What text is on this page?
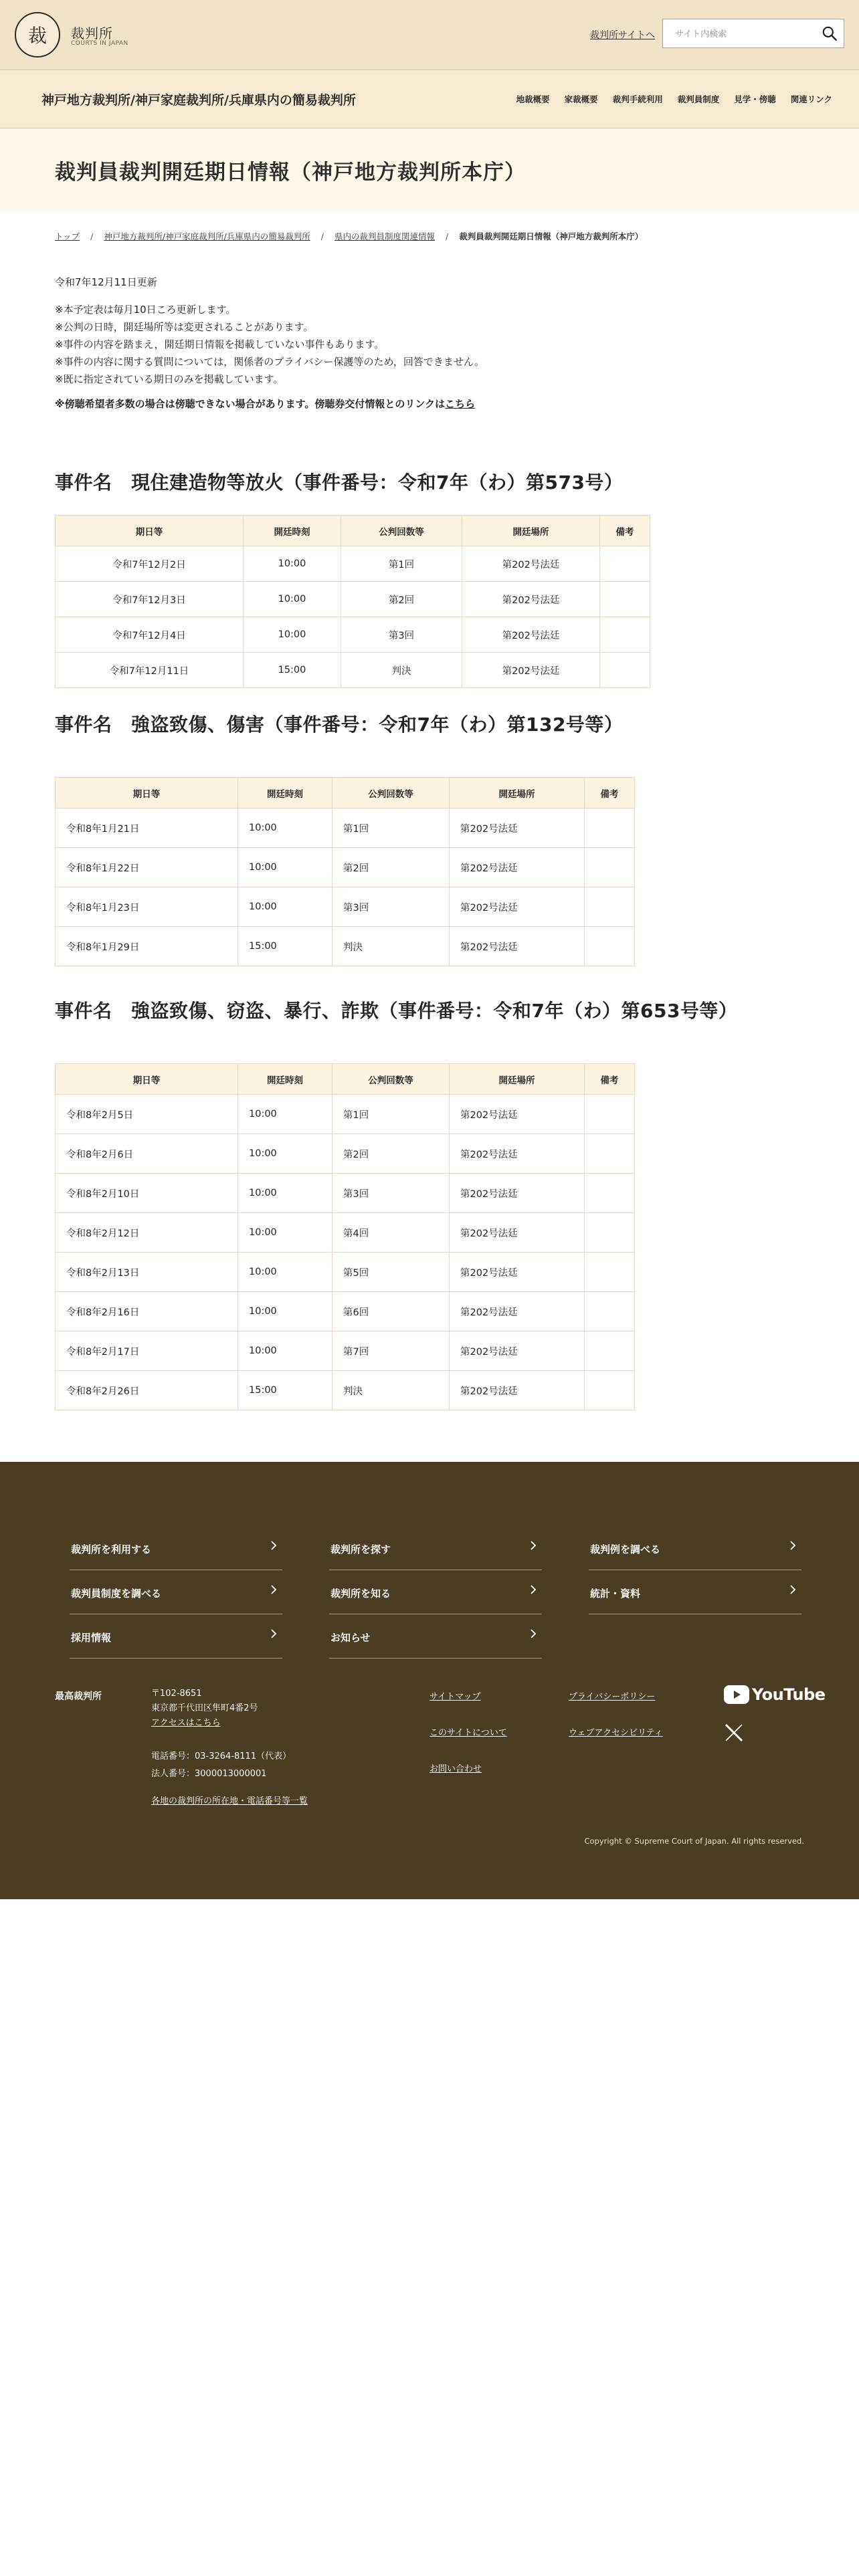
裁	裁判所
COURTS IN JAPAN
裁判所サイトへ
サイト内検索
神戸地方裁判所/神戸家庭裁判所/兵庫県内の簡易裁判所	地裁概要 家裁概要 裁判手続利用 裁判員制度 見学・傍聴 関連リンク
裁判員裁判開廷期日情報（神戸地方裁判所本庁）
トップ / 神戸地方裁判所/神戸家庭裁判所/兵庫県内の簡易裁判所 / 県内の裁判員制度関連情報 / 裁判員裁判開廷期日情報（神戸地方裁判所本庁）
令和7年12月11日更新
※本予定表は毎月10日ころ更新します。
※公判の日時，開廷場所等は変更されることがあります。
※事件の内容を踏まえ，開廷期日情報を掲載していない事件もあります。
※事件の内容に関する質問については，関係者のプライバシー保護等のため，回答できません。
※既に指定されている期日のみを掲載しています。
※傍聴希望者多数の場合は傍聴できない場合があります。傍聴券交付情報とのリンクはこちら
事件名　現住建造物等放火（事件番号：令和7年（わ）第573号）
期日等	開廷時刻	公判回数等	開廷場所	備考
令和7年12月2日	10:00	第1回	第202号法廷	
令和7年12月3日	10:00	第2回	第202号法廷	
令和7年12月4日	10:00	第3回	第202号法廷	
令和7年12月11日	15:00	判決	第202号法廷	
事件名　強盗致傷、傷害（事件番号：令和7年（わ）第132号等）
期日等	開廷時刻	公判回数等	開廷場所	備考
令和8年1月21日	10:00	第1回	第202号法廷	
令和8年1月22日	10:00	第2回	第202号法廷	
令和8年1月23日	10:00	第3回	第202号法廷	
令和8年1月29日	15:00	判決	第202号法廷	
事件名　強盗致傷、窃盗、暴行、詐欺（事件番号：令和7年（わ）第653号等）
期日等	開廷時刻	公判回数等	開廷場所	備考
令和8年2月5日	10:00	第1回	第202号法廷	
令和8年2月6日	10:00	第2回	第202号法廷	
令和8年2月10日	10:00	第3回	第202号法廷	
令和8年2月12日	10:00	第4回	第202号法廷	
令和8年2月13日	10:00	第5回	第202号法廷	
令和8年2月16日	10:00	第6回	第202号法廷	
令和8年2月17日	10:00	第7回	第202号法廷	
令和8年2月26日	15:00	判決	第202号法廷	
裁判所を利用する	裁判所を探す	裁判例を調べる
裁判員制度を調べる	裁判所を知る	統計・資料
採用情報	お知らせ
最高裁判所	〒102-8651
東京都千代田区隼町4番2号
アクセスはこちら
電話番号：03-3264-8111（代表）
法人番号：3000013000001
各地の裁判所の所在地・電話番号等一覧
サイトマップ
このサイトについて
お問い合わせ
プライバシーポリシー
ウェブアクセシビリティ
YouTube
Copyright © Supreme Court of Japan. All rights reserved.
